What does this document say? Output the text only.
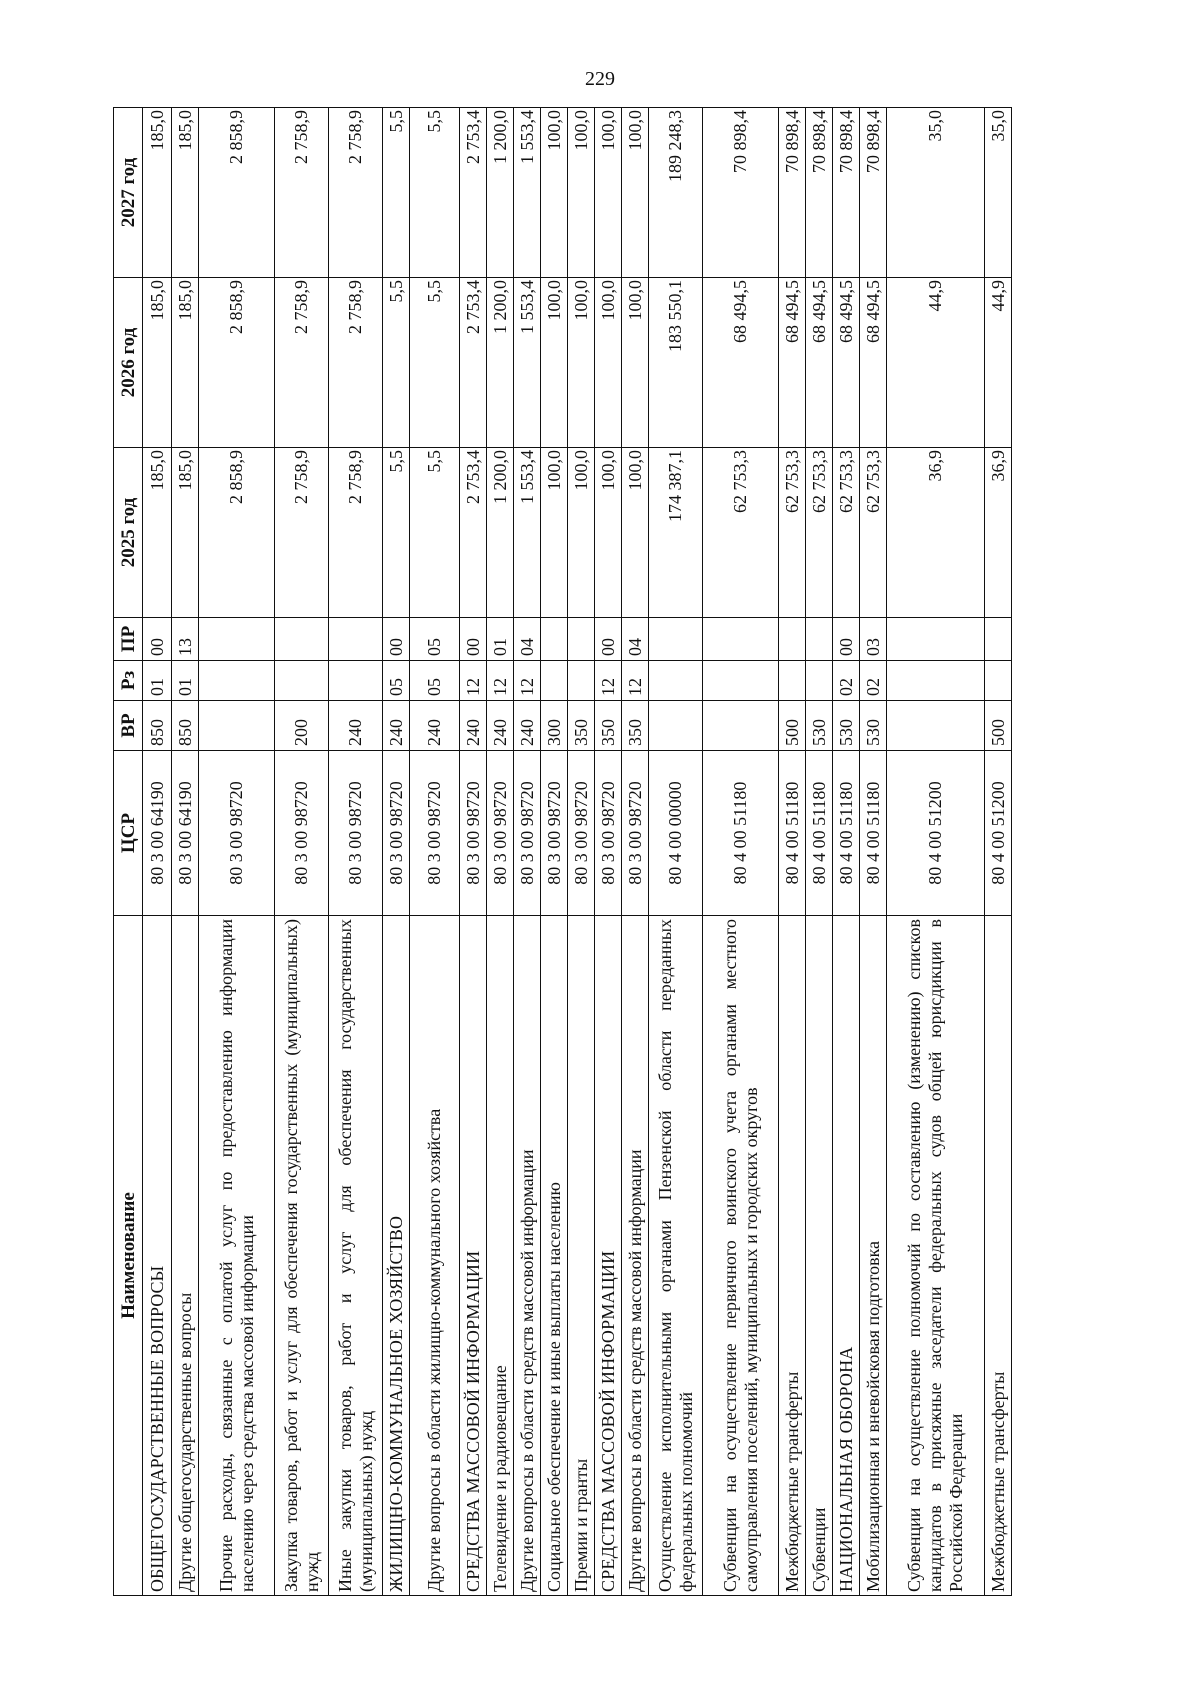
229
Наименование	ЦСР	ВР	Рз	ПР	2025 год	2026 год	2027 год
ОБЩЕГОСУДАРСТВЕННЫЕ ВОПРОСЫ	80 3 00 64190	850	01	00	185,0	185,0	185,0
Другие общегосударственные вопросы	80 3 00 64190	850	01	13	185,0	185,0	185,0
Прочие расходы, связанные с оплатой услуг по предоставлению информации населению через средства массовой информации	80 3 00 98720				2 858,9	2 858,9	2 858,9
Закупка товаров, работ и услуг для обеспечения государственных (муниципальных) нужд	80 3 00 98720	200			2 758,9	2 758,9	2 758,9
Иные закупки товаров, работ и услуг для обеспечения государственных (муниципальных) нужд	80 3 00 98720	240			2 758,9	2 758,9	2 758,9
ЖИЛИЩНО-КОММУНАЛЬНОЕ ХОЗЯЙСТВО	80 3 00 98720	240	05	00	5,5	5,5	5,5
Другие вопросы в области жилищно-коммунального хозяйства	80 3 00 98720	240	05	05	5,5	5,5	5,5
СРЕДСТВА МАССОВОЙ ИНФОРМАЦИИ	80 3 00 98720	240	12	00	2 753,4	2 753,4	2 753,4
Телевидение и радиовещание	80 3 00 98720	240	12	01	1 200,0	1 200,0	1 200,0
Другие вопросы в области средств массовой информации	80 3 00 98720	240	12	04	1 553,4	1 553,4	1 553,4
Социальное обеспечение и иные выплаты населению	80 3 00 98720	300			100,0	100,0	100,0
Премии и гранты	80 3 00 98720	350			100,0	100,0	100,0
СРЕДСТВА МАССОВОЙ ИНФОРМАЦИИ	80 3 00 98720	350	12	00	100,0	100,0	100,0
Другие вопросы в области средств массовой информации	80 3 00 98720	350	12	04	100,0	100,0	100,0
Осуществление исполнительными органами Пензенской области переданных федеральных полномочий	80 4 00 00000				174 387,1	183 550,1	189 248,3
Субвенции на осуществление первичного воинского учета органами местного самоуправления поселений, муниципальных и городских округов	80 4 00 51180				62 753,3	68 494,5	70 898,4
Межбюджетные трансферты	80 4 00 51180	500			62 753,3	68 494,5	70 898,4
Субвенции	80 4 00 51180	530			62 753,3	68 494,5	70 898,4
НАЦИОНАЛЬНАЯ ОБОРОНА	80 4 00 51180	530	02	00	62 753,3	68 494,5	70 898,4
Мобилизационная и вневойсковая подготовка	80 4 00 51180	530	02	03	62 753,3	68 494,5	70 898,4
Субвенции на осуществление полномочий по составлению (изменению) списков кандидатов в присяжные заседатели федеральных судов общей юрисдикции в Российской Федерации	80 4 00 51200				36,9	44,9	35,0
Межбюджетные трансферты	80 4 00 51200	500			36,9	44,9	35,0
